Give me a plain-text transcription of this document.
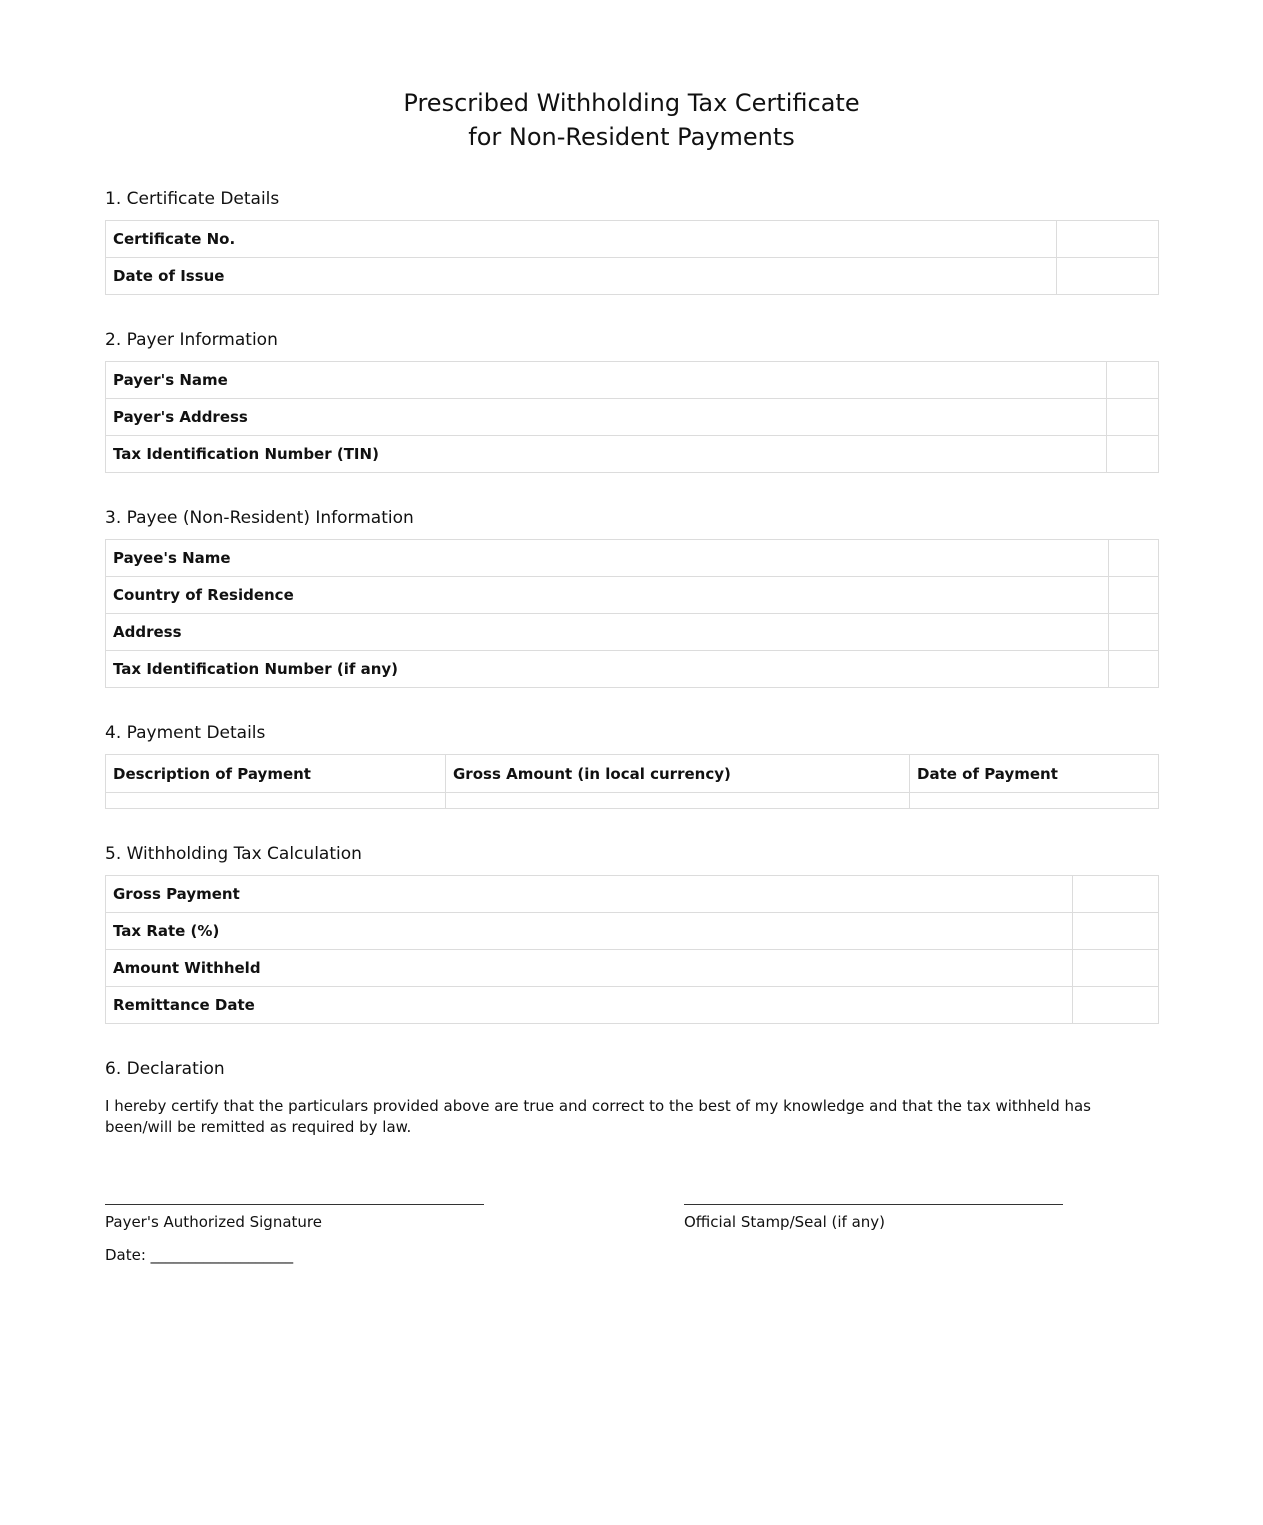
Prescribed Withholding Tax Certificate
for Non-Resident Payments
1. Certificate Details
Certificate No.	
Date of Issue	
2. Payer Information
Payer's Name	
Payer's Address	
Tax Identification Number (TIN)	
3. Payee (Non-Resident) Information
Payee's Name	
Country of Residence	
Address	
Tax Identification Number (if any)	
4. Payment Details
Description of Payment	Gross Amount (in local currency)	Date of Payment

5. Withholding Tax Calculation
Gross Payment	
Tax Rate (%)	
Amount Withheld	
Remittance Date	
6. Declaration

I hereby certify that the particulars provided above are true and correct to the best of my knowledge and that the tax withheld has been/will be remitted as required by law.

Payer's Authorized Signature
Date: ___________________
Official Stamp/Seal (if any)
